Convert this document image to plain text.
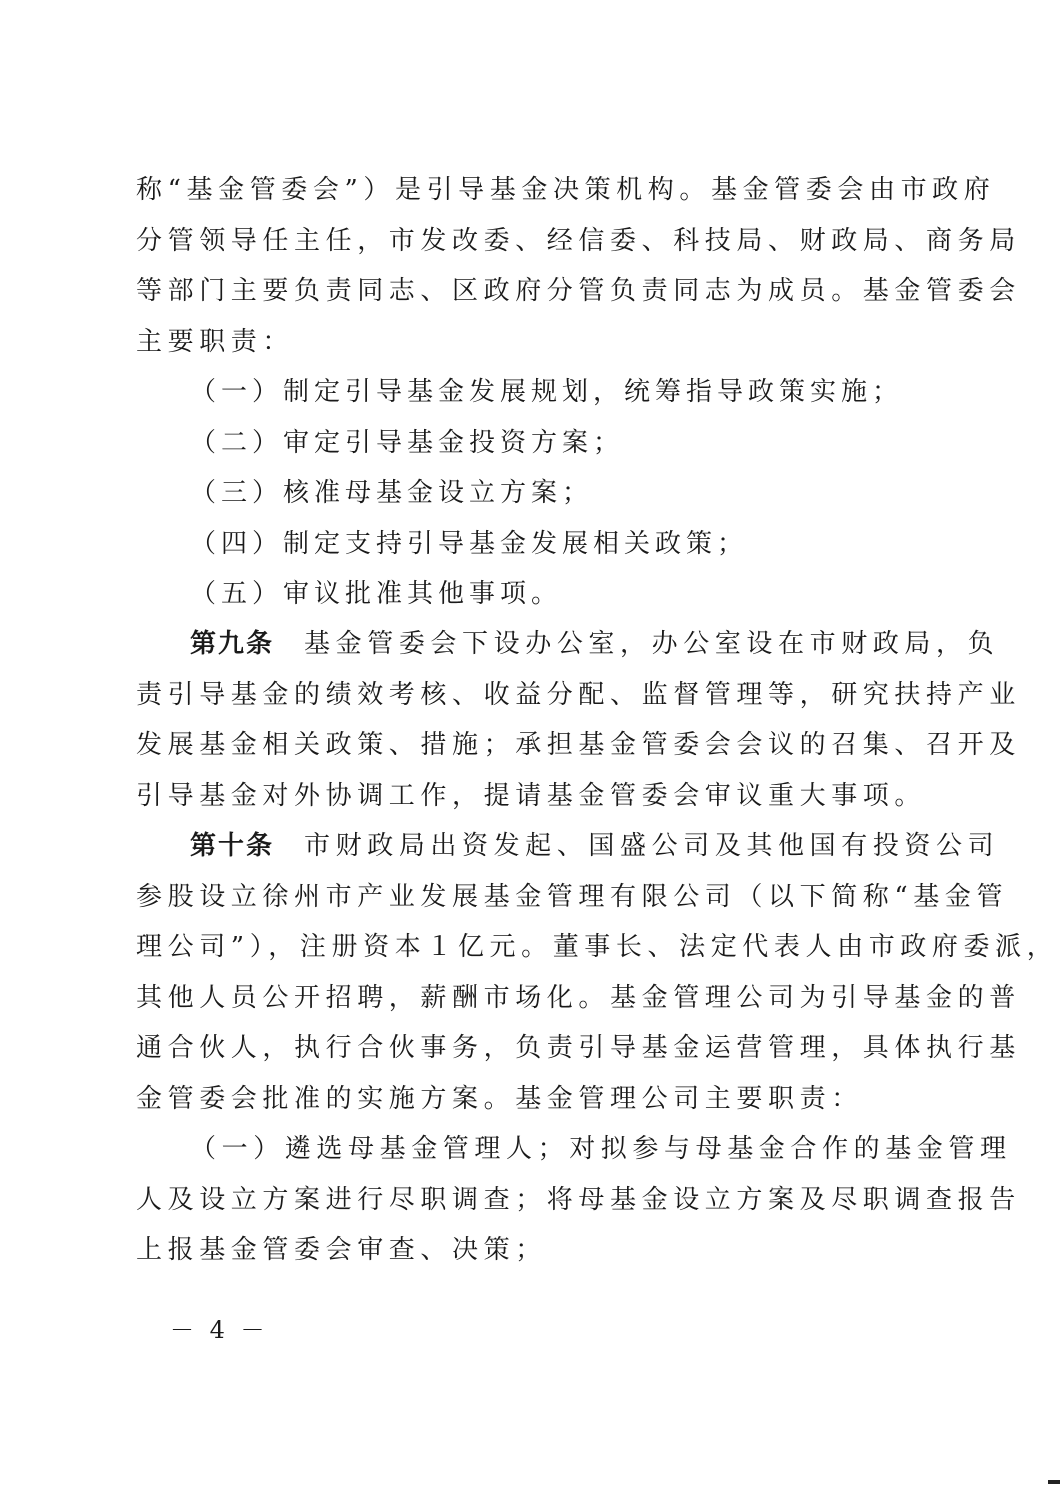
称“基金管委会”）是引导基金决策机构。基金管委会由市政府
分管领导任主任，市发改委、经信委、科技局、财政局、商务局
等部门主要负责同志、区政府分管负责同志为成员。基金管委会
主要职责：
（一）制定引导基金发展规划，统筹指导政策实施；
（二）审定引导基金投资方案；
（三）核准母基金设立方案；
（四）制定支持引导基金发展相关政策；
（五）审议批准其他事项。
第九条 基金管委会下设办公室，办公室设在市财政局，负
责引导基金的绩效考核、收益分配、监督管理等，研究扶持产业
发展基金相关政策、措施；承担基金管委会会议的召集、召开及
引导基金对外协调工作，提请基金管委会审议重大事项。
第十条 市财政局出资发起、国盛公司及其他国有投资公司
参股设立徐州市产业发展基金管理有限公司（以下简称“基金管
理公司”），注册资本１亿元。董事长、法定代表人由市政府委派，
其他人员公开招聘，薪酬市场化。基金管理公司为引导基金的普
通合伙人，执行合伙事务，负责引导基金运营管理，具体执行基
金管委会批准的实施方案。基金管理公司主要职责：
（一）遴选母基金管理人；对拟参与母基金合作的基金管理
人及设立方案进行尽职调查；将母基金设立方案及尽职调查报告
上报基金管委会审查、决策；
－ 4 －
